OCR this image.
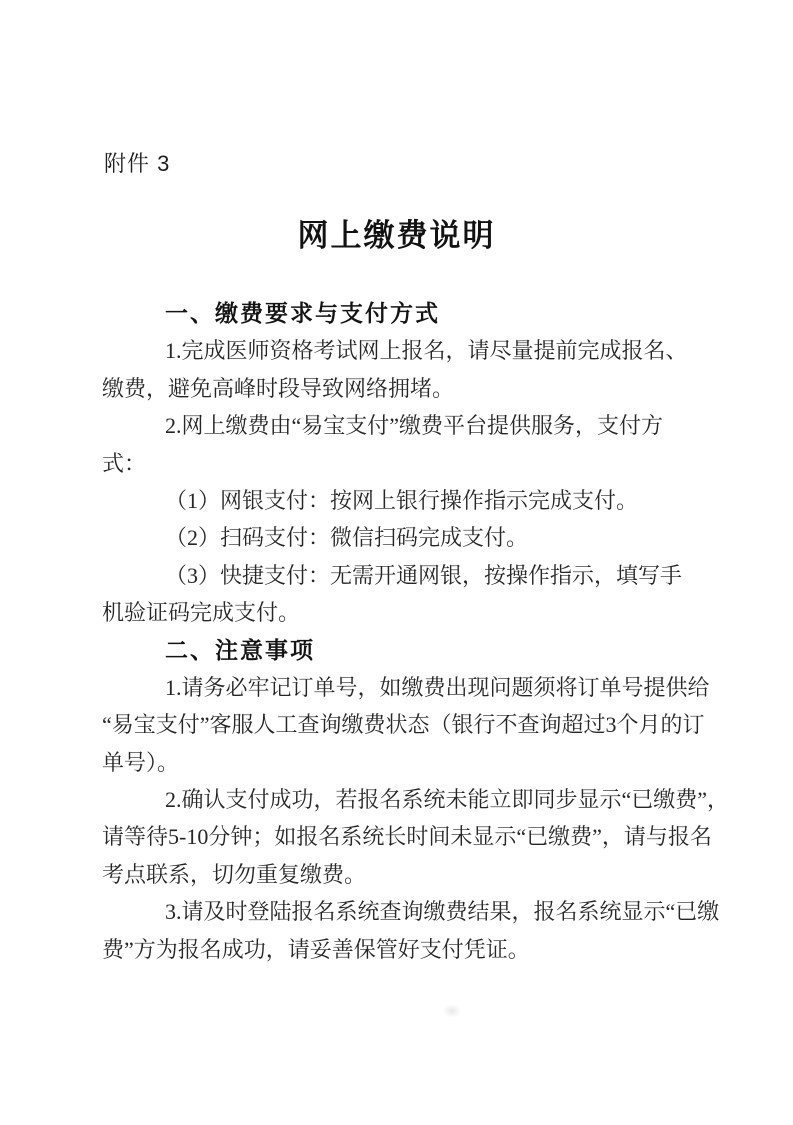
附件 3
网上缴费说明
一、缴费要求与支付方式
1.完成医师资格考试网上报名，请尽量提前完成报名、
缴费，避免高峰时段导致网络拥堵。
2.网上缴费由“易宝支付”缴费平台提供服务，支付方
式：
（1）网银支付：按网上银行操作指示完成支付。
（2）扫码支付：微信扫码完成支付。
（3）快捷支付：无需开通网银，按操作指示，填写手
机验证码完成支付。
二、注意事项
1.请务必牢记订单号，如缴费出现问题须将订单号提供给
“易宝支付”客服人工查询缴费状态（银行不查询超过3个月的订
单号）。
2.确认支付成功，若报名系统未能立即同步显示“已缴费”，
请等待5-10分钟；如报名系统长时间未显示“已缴费”，请与报名
考点联系，切勿重复缴费。
3.请及时登陆报名系统查询缴费结果，报名系统显示“已缴
费”方为报名成功，请妥善保管好支付凭证。
